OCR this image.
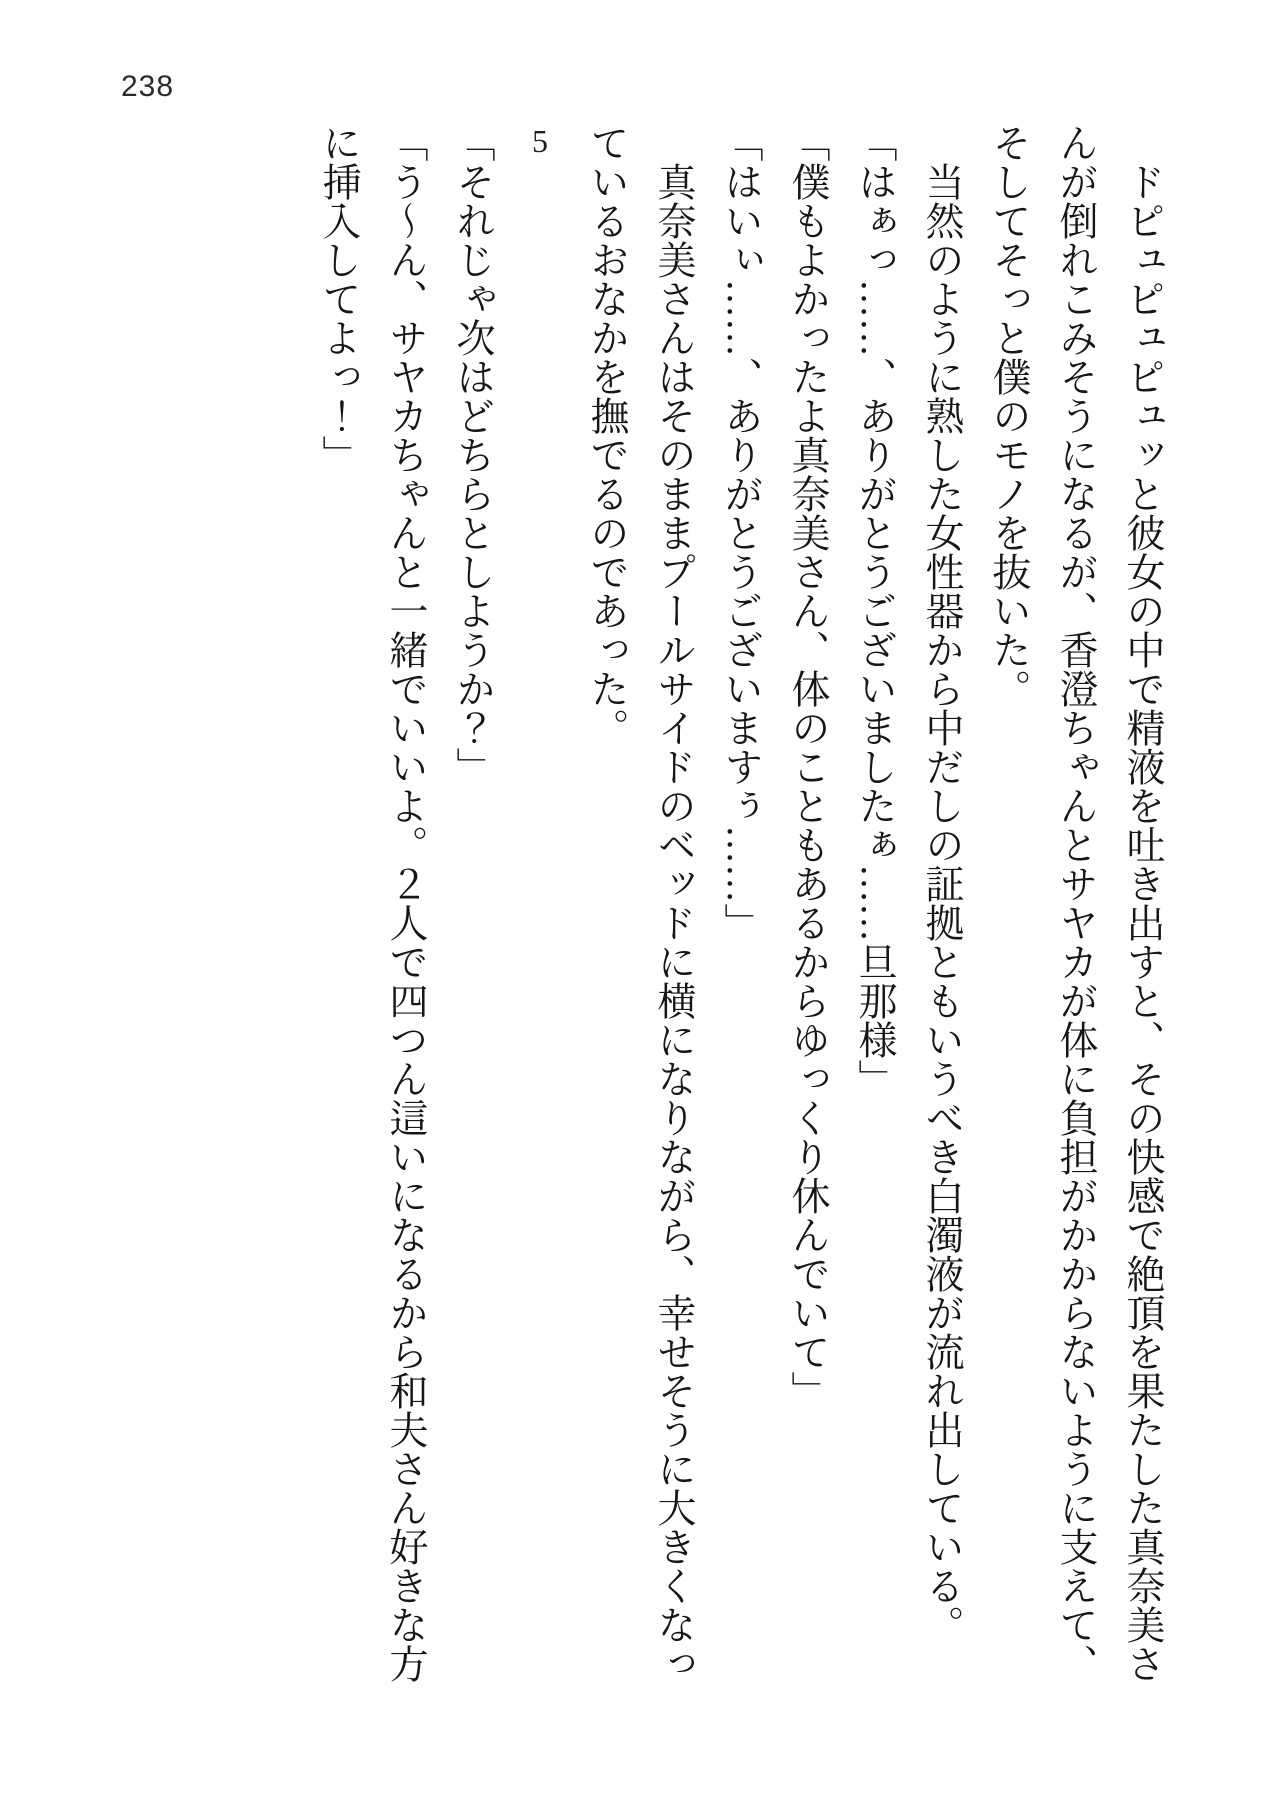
238

ドピュピュピュッと彼女の中で精液を吐き出すと、その快感で絶頂を果たした真奈美さんが倒れこみそうになるが、香澄ちゃんとサヤカが体に負担がかからないように支えて、そしてそっと僕のモノを抜いた。

当然のように熟した女性器から中だしの証拠ともいうべき白濁液が流れ出している。

「はぁっ……、ありがとうございましたぁ……旦那様」

「僕もよかったよ真奈美さん、体のこともあるからゆっくり休んでいて」

「はいぃ……、ありがとうございますぅ……」

真奈美さんはそのままプールサイドのベッドに横になりながら、幸せそうに大きくなっているおなかを撫でるのであった。

5

「それじゃ次はどちらとしようか？」

「う〜ん、サヤカちゃんと一緒でいいよ。２人で四つん這いになるから和夫さん好きな方に挿入してよっ！」
